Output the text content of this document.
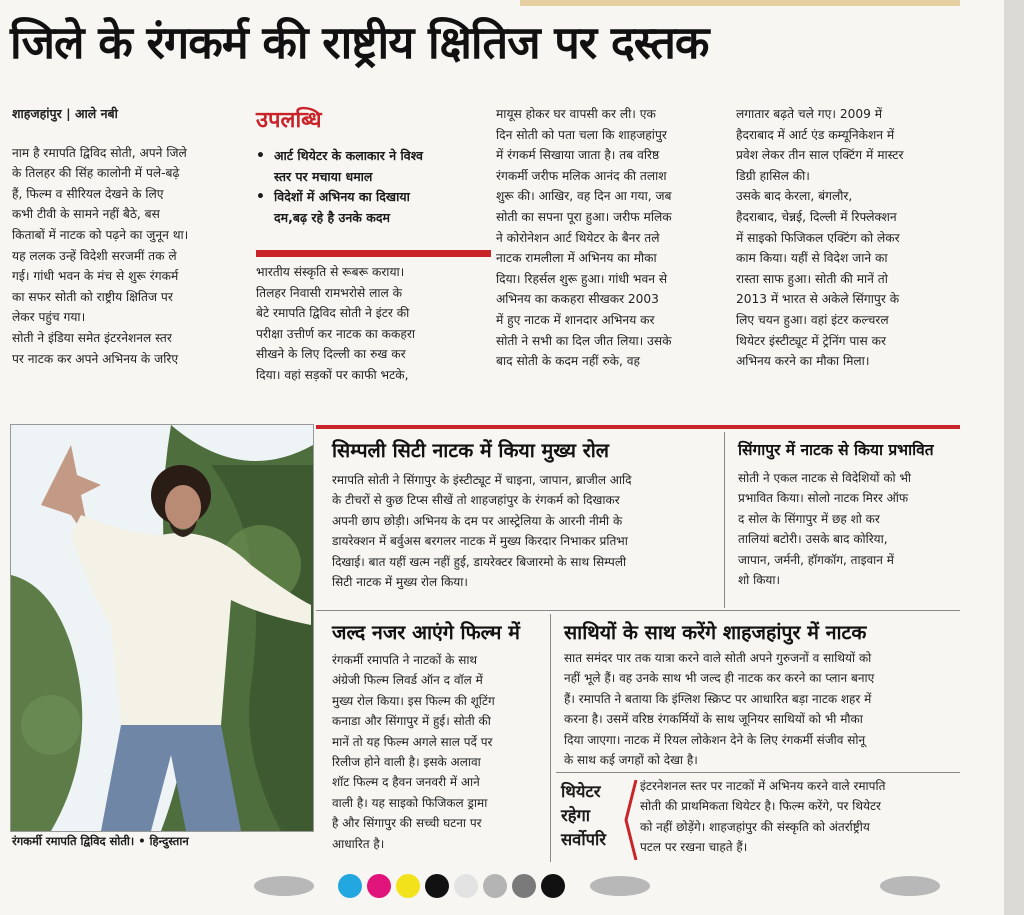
जिले के रंगकर्म की राष्ट्रीय क्षितिज पर दस्तक
शाहजहांपुर | आले नबी
नाम है रमापति द्विविद सोती, अपने जिले
के तिलहर की सिंह कालोनी में पले-बढ़े
हैं, फिल्म व सीरियल देखने के लिए
कभी टीवी के सामने नहीं बैठे, बस
किताबों में नाटक को पढ़ने का जुनून था।
यह ललक उन्हें विदेशी सरजमीं तक ले
गई। गांधी भवन के मंच से शुरू रंगकर्म
का सफर सोती को राष्ट्रीय क्षितिज पर
लेकर पहुंच गया।
सोती ने इंडिया समेत इंटरनेशनल स्तर
पर नाटक कर अपने अभिनय के जरिए
उपलब्धि
• आर्ट थियेटर के कलाकार ने विश्व
स्तर पर मचाया धमाल
• विदेशों में अभिनय का दिखाया
दम,बढ़ रहे है उनके कदम
भारतीय संस्कृति से रूबरू कराया।
तिलहर निवासी रामभरोसे लाल के
बेटे रमापति द्विविद सोती ने इंटर की
परीक्षा उत्तीर्ण कर नाटक का ककहरा
सीखने के लिए दिल्ली का रुख कर
दिया। वहां सड़कों पर काफी भटके,
मायूस होकर घर वापसी कर ली। एक
दिन सोती को पता चला कि शाहजहांपुर
में रंगकर्म सिखाया जाता है। तब वरिष्ठ
रंगकर्मी जरीफ मलिक आनंद की तलाश
शुरू की। आखिर, वह दिन आ गया, जब
सोती का सपना पूरा हुआ। जरीफ मलिक
ने कोरोनेशन आर्ट थियेटर के बैनर तले
नाटक रामलीला में अभिनय का मौका
दिया। रिहर्सल शुरू हुआ। गांधी भवन से
अभिनय का ककहरा सीखकर 2003
में हुए नाटक में शानदार अभिनय कर
सोती ने सभी का दिल जीत लिया। उसके
बाद सोती के कदम नहीं रुके, वह
लगातार बढ़ते चले गए। 2009 में
हैदराबाद में आर्ट एंड कम्यूनिकेशन में
प्रवेश लेकर तीन साल एक्टिंग में मास्टर
डिग्री हासिल की।
उसके बाद केरला, बंगलौर,
हैदराबाद, चेन्नई, दिल्ली में रिफ्लेक्शन
में साइको फिजिकल एक्टिंग को लेकर
काम किया। यहीं से विदेश जाने का
रास्ता साफ हुआ। सोती की मानें तो
2013 में भारत से अकेले सिंगापुर के
लिए चयन हुआ। वहां इंटर कल्चरल
थियेटर इंस्टीट्यूट में ट्रेनिंग पास कर
अभिनय करने का मौका मिला।
रंगकर्मी रमापति द्विविद सोती। • हिन्दुस्तान
सिम्पली सिटी नाटक में किया मुख्य रोल
रमापति सोती ने सिंगापुर के इंस्टीट्यूट में चाइना, जापान, ब्राजील आदि
के टीचरों से कुछ टिप्स सीखें तो शाहजहांपुर के रंगकर्म को दिखाकर
अपनी छाप छोड़ी। अभिनय के दम पर आस्ट्रेलिया के आरनी नीमी के
डायरेक्शन में बर्वुअस बरगलर नाटक में मुख्य किरदार निभाकर प्रतिभा
दिखाई। बात यहीं खत्म नहीं हुई, डायरेक्टर बिजारमो के साथ सिम्पली
सिटी नाटक में मुख्य रोल किया।
सिंगापुर में नाटक से किया प्रभावित
सोती ने एकल नाटक से विदेशियों को भी
प्रभावित किया। सोलो नाटक मिरर ऑफ
द सोल के सिंगापुर में छह शो कर
तालियां बटोरी। उसके बाद कोरिया,
जापान, जर्मनी, हॉगकॉग, ताइवान में
शो किया।
जल्द नजर आएंगे फिल्म में
रंगकर्मी रमापति ने नाटकों के साथ
अंग्रेजी फिल्म लिवर्ड ऑन द वॉल में
मुख्य रोल किया। इस फिल्म की शूटिंग
कनाडा और सिंगापुर में हुई। सोती की
मानें तो यह फिल्म अगले साल पर्दे पर
रिलीज होने वाली है। इसके अलावा
शॉट फिल्म द हैवन जनवरी में आने
वाली है। यह साइको फिजिकल ड्रामा
है और सिंगापुर की सच्ची घटना पर
आधारित है।
साथियों के साथ करेंगे शाहजहांपुर में नाटक
सात समंदर पार तक यात्रा करने वाले सोती अपने गुरुजनों व साथियों को
नहीं भूले हैं। वह उनके साथ भी जल्द ही नाटक कर करने का प्लान बनाए
हैं। रमापति ने बताया कि इंग्लिश स्क्रिप्ट पर आधारित बड़ा नाटक शहर में
करना है। उसमें वरिष्ठ रंगकर्मियों के साथ जूनियर साथियों को भी मौका
दिया जाएगा। नाटक में रियल लोकेशन देने के लिए रंगकर्मी संजीव सोनू
के साथ कई जगहों को देखा है।
थियेटर
रहेगा
सर्वोपरि
इंटरनेशनल स्तर पर नाटकों में अभिनय करने वाले रमापति
सोती की प्राथमिकता थियेटर है। फिल्म करेंगे, पर थियेटर
को नहीं छोड़ेंगे। शाहजहांपुर की संस्कृति को अंतर्राष्ट्रीय
पटल पर रखना चाहते हैं।
